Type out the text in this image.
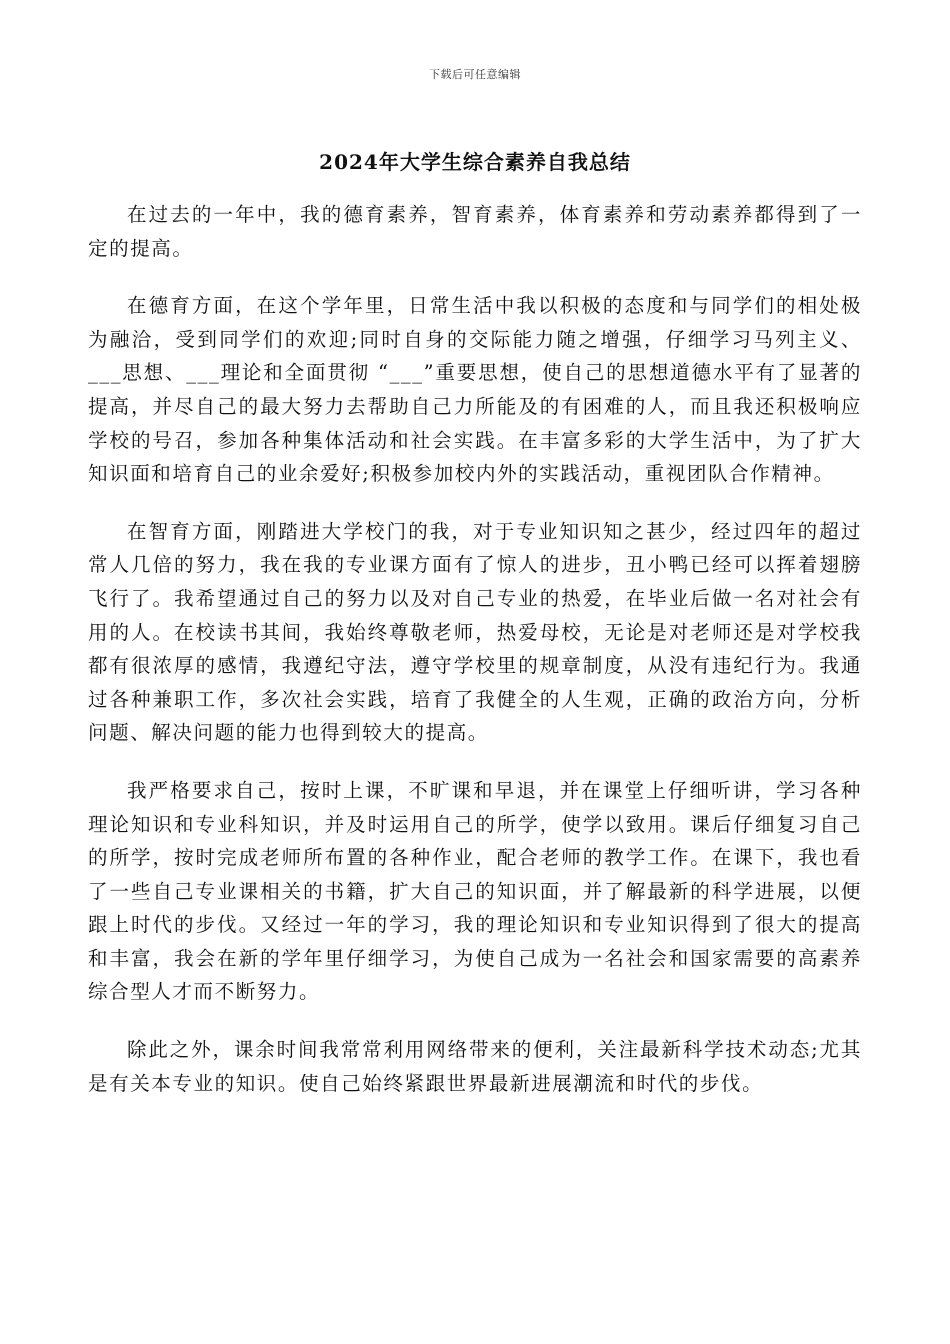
下载后可任意编辑
2024年大学生综合素养自我总结

在过去的一年中，我的德育素养，智育素养，体育素养和劳动素养都得到了一定的提高。

在德育方面，在这个学年里，日常生活中我以积极的态度和与同学们的相处极为融洽，受到同学们的欢迎;同时自身的交际能力随之增强，仔细学习马列主义、___思想、___理论和全面贯彻 “___”重要思想，使自己的思想道德水平有了显著的提高，并尽自己的最大努力去帮助自己力所能及的有困难的人，而且我还积极响应学校的号召，参加各种集体活动和社会实践。在丰富多彩的大学生活中，为了扩大知识面和培育自己的业余爱好;积极参加校内外的实践活动，重视团队合作精神。

在智育方面，刚踏进大学校门的我，对于专业知识知之甚少，经过四年的超过常人几倍的努力，我在我的专业课方面有了惊人的进步，丑小鸭已经可以挥着翅膀飞行了。我希望通过自己的努力以及对自己专业的热爱，在毕业后做一名对社会有用的人。在校读书其间，我始终尊敬老师，热爱母校，无论是对老师还是对学校我都有很浓厚的感情，我遵纪守法，遵守学校里的规章制度，从没有违纪行为。我通过各种兼职工作，多次社会实践，培育了我健全的人生观，正确的政治方向，分析问题、解决问题的能力也得到较大的提高。

我严格要求自己，按时上课，不旷课和早退，并在课堂上仔细听讲，学习各种理论知识和专业科知识，并及时运用自己的所学，使学以致用。课后仔细复习自己的所学，按时完成老师所布置的各种作业，配合老师的教学工作。在课下，我也看了一些自己专业课相关的书籍，扩大自己的知识面，并了解最新的科学进展，以便跟上时代的步伐。又经过一年的学习，我的理论知识和专业知识得到了很大的提高和丰富，我会在新的学年里仔细学习，为使自己成为一名社会和国家需要的高素养综合型人才而不断努力。

除此之外，课余时间我常常利用网络带来的便利，关注最新科学技术动态;尤其是有关本专业的知识。使自己始终紧跟世界最新进展潮流和时代的步伐。
